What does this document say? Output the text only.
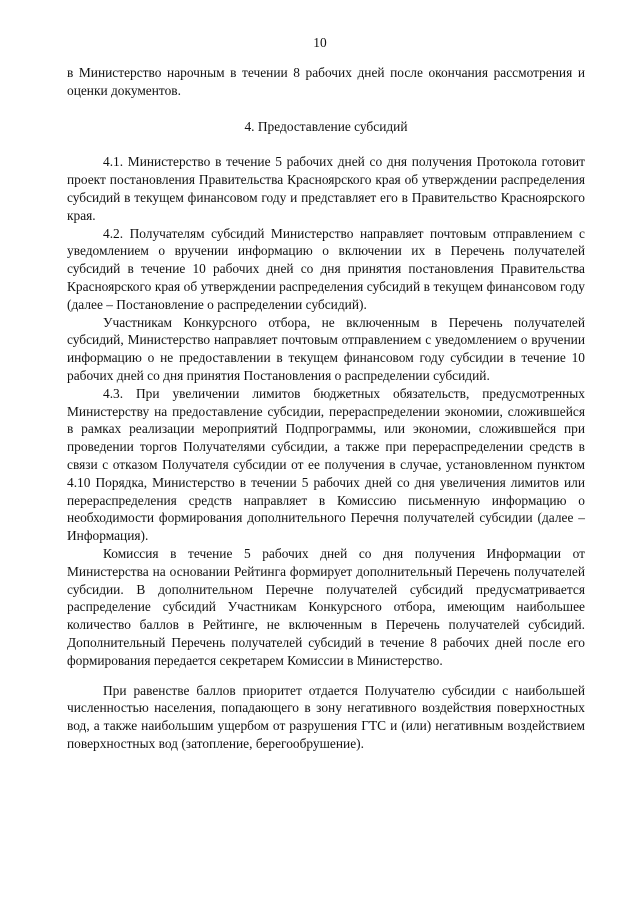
10

в Министерство нарочным в течении 8 рабочих дней после окончания рассмотрения и оценки документов.

4. Предоставление субсидий

4.1. Министерство в течение 5 рабочих дней со дня получения Протокола готовит проект постановления Правительства Красноярского края об утверждении распределения субсидий в текущем финансовом году и представляет его в Правительство Красноярского края.

4.2. Получателям субсидий Министерство направляет почтовым отправлением с уведомлением о вручении информацию о включении их в Перечень получателей субсидий в течение 10 рабочих дней со дня принятия постановления Правительства Красноярского края об утверждении распределения субсидий в текущем финансовом году (далее – Постановление о распределении субсидий).

Участникам Конкурсного отбора, не включенным в Перечень получателей субсидий, Министерство направляет почтовым отправлением с уведомлением о вручении информацию о не предоставлении в текущем финансовом году субсидии в течение 10 рабочих дней со дня принятия Постановления о распределении субсидий.

4.3. При увеличении лимитов бюджетных обязательств, предусмотренных Министерству на предоставление субсидии, перераспределении экономии, сложившейся в рамках реализации мероприятий Подпрограммы, или экономии, сложившейся при проведении торгов Получателями субсидии, а также при перераспределении средств в связи с отказом Получателя субсидии от ее получения в случае, установленном пунктом 4.10 Порядка, Министерство в течении 5 рабочих дней со дня увеличения лимитов или перераспределения средств направляет в Комиссию письменную информацию о необходимости формирования дополнительного Перечня получателей субсидии (далее – Информация).

Комиссия в течение 5 рабочих дней со дня получения Информации от Министерства на основании Рейтинга формирует дополнительный Перечень получателей субсидии. В дополнительном Перечне получателей субсидий предусматривается распределение субсидий Участникам Конкурсного отбора, имеющим наибольшее количество баллов в Рейтинге, не включенным в Перечень получателей субсидий. Дополнительный Перечень получателей субсидий в течение 8 рабочих дней после его формирования передается секретарем Комиссии в Министерство.

При равенстве баллов приоритет отдается Получателю субсидии с наибольшей численностью населения, попадающего в зону негативного воздействия поверхностных вод, а также наибольшим ущербом от разрушения ГТС и (или) негативным воздействием поверхностных вод (затопление, берегообрушение).
